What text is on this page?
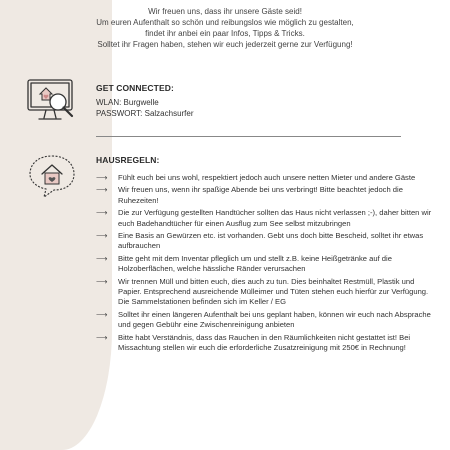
Wir freuen uns, dass ihr unsere Gäste seid!
Um euren Aufenthalt so schön und reibungslos wie möglich zu gestalten,
findet ihr anbei ein paar Infos, Tipps & Tricks.
Solltet ihr Fragen haben, stehen wir euch jederzeit gerne zur Verfügung!
GET CONNECTED:
WLAN: Burgwelle
PASSWORT: Salzachsurfer
HAUSREGELN:
⟶ Fühlt euch bei uns wohl, respektiert jedoch auch unsere netten Mieter und andere Gäste
⟶ Wir freuen uns, wenn ihr spaßige Abende bei uns verbringt! Bitte beachtet jedoch die Ruhezeiten!
⟶ Die zur Verfügung gestellten Handtücher sollten das Haus nicht verlassen ;-), daher bitten wir euch Badehandtücher für einen Ausflug zum See selbst mitzubringen
⟶ Eine Basis an Gewürzen etc. ist vorhanden. Gebt uns doch bitte Bescheid, solltet ihr etwas aufbrauchen
⟶ Bitte geht mit dem Inventar pfleglich um und stellt z.B. keine Heißgetränke auf die Holzoberflächen, welche hässliche Ränder verursachen
⟶ Wir trennen Müll und bitten euch, dies auch zu tun. Dies beinhaltet Restmüll, Plastik und Papier. Entsprechend ausreichende Mülleimer und Tüten stehen euch hierfür zur Verfügung. Die Sammelstationen befinden sich im Keller / EG
⟶ Solltet ihr einen längeren Aufenthalt bei uns geplant haben, können wir euch nach Absprache und gegen Gebühr eine Zwischenreinigung anbieten
⟶ Bitte habt Verständnis, dass das Rauchen in den Räumlichkeiten nicht gestattet ist! Bei Missachtung stellen wir euch die erforderliche Zusatzreinigung mit 250€ in Rechnung!
